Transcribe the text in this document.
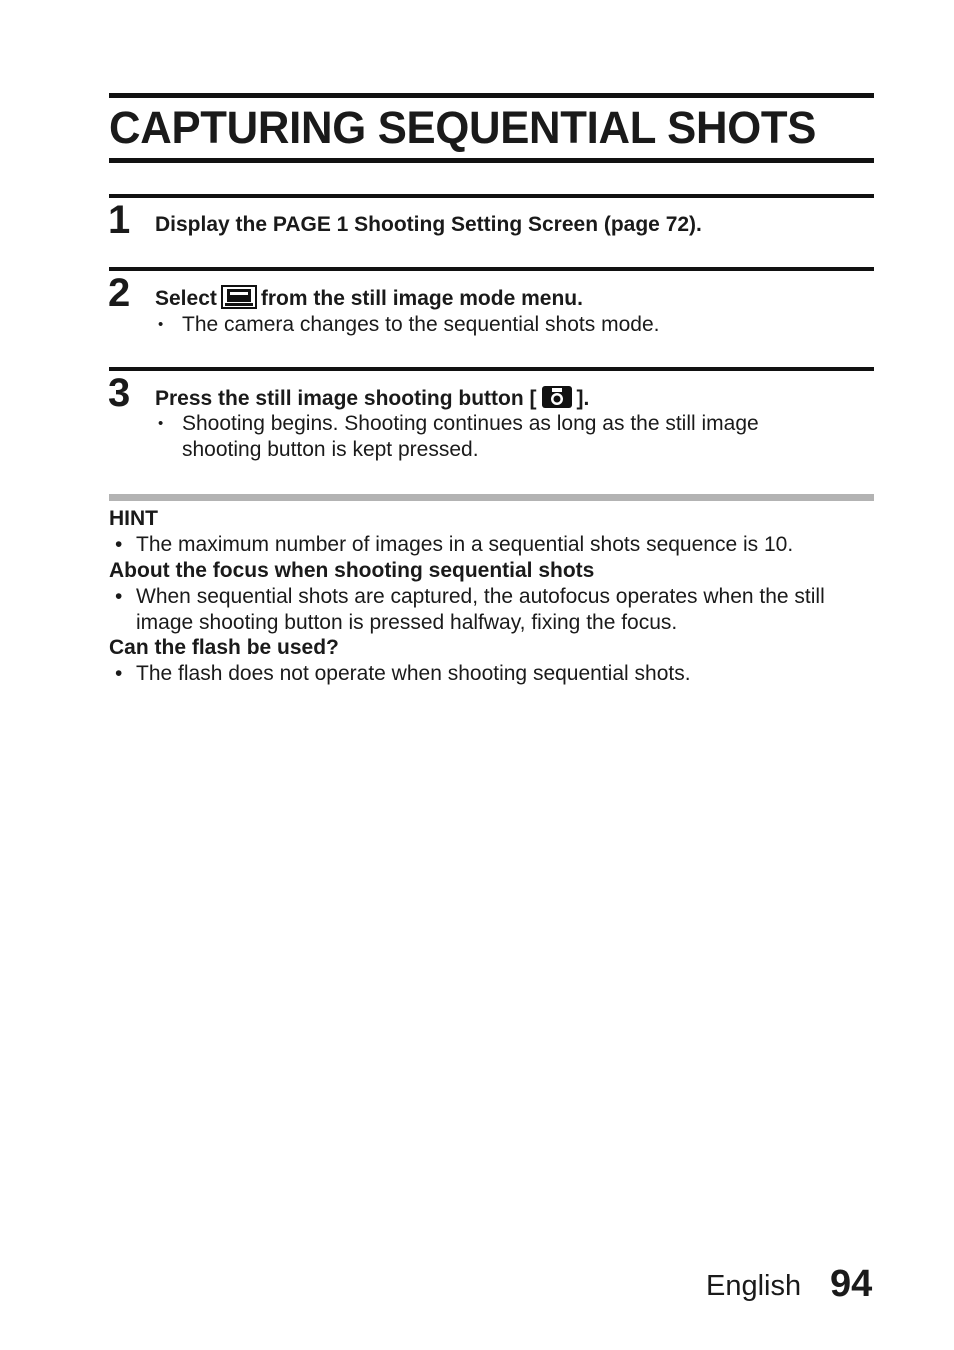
CAPTURING SEQUENTIAL SHOTS
1 Display the PAGE 1 Shooting Setting Screen (page 72).
2 Select from the still image mode menu.
• The camera changes to the sequential shots mode.
3 Press the still image shooting button [ ].
• Shooting begins. Shooting continues as long as the still image shooting button is kept pressed.
HINT
• The maximum number of images in a sequential shots sequence is 10.
About the focus when shooting sequential shots
• When sequential shots are captured, the autofocus operates when the still image shooting button is pressed halfway, fixing the focus.
Can the flash be used?
• The flash does not operate when shooting sequential shots.
English 94
